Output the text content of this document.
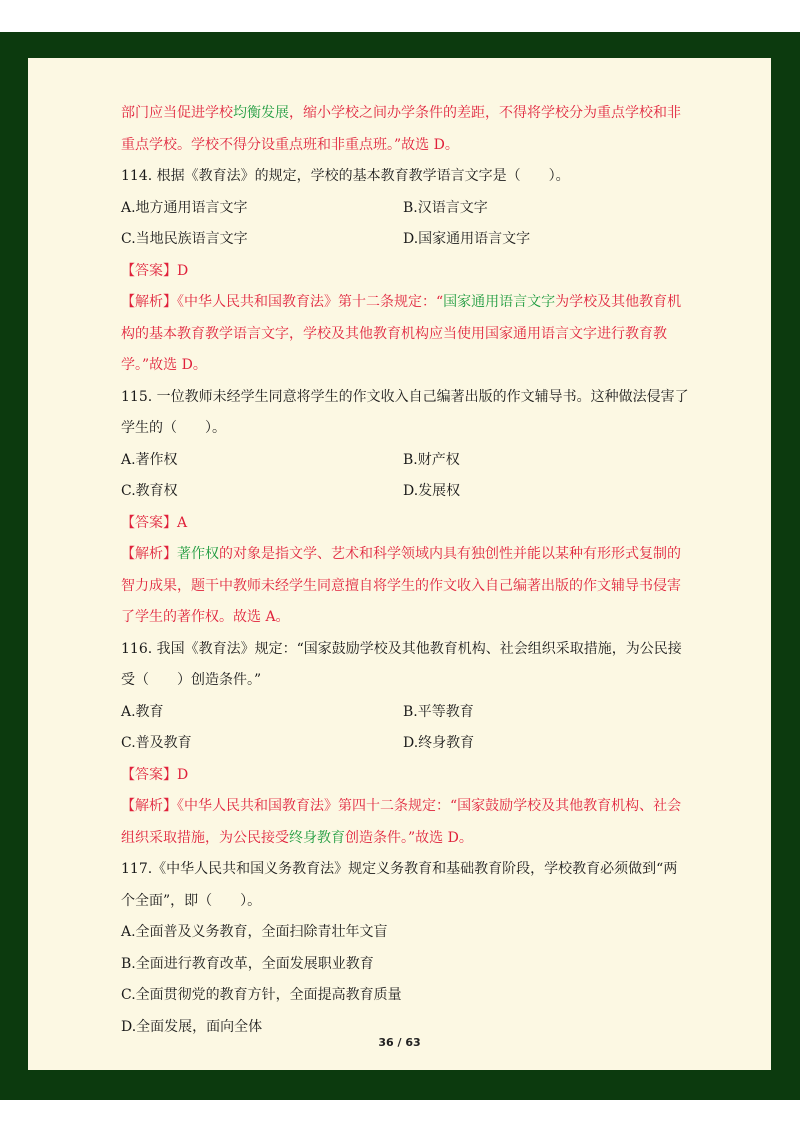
部门应当促进学校均衡发展，缩小学校之间办学条件的差距，不得将学校分为重点学校和非
重点学校。学校不得分设重点班和非重点班。”故选 D。
114. 根据《教育法》的规定，学校的基本教育教学语言文字是（　　）。
A.地方通用语言文字	B.汉语言文字
C.当地民族语言文字	D.国家通用语言文字
【答案】D
【解析】《中华人民共和国教育法》第十二条规定：“国家通用语言文字为学校及其他教育机
构的基本教育教学语言文字，学校及其他教育机构应当使用国家通用语言文字进行教育教
学。”故选 D。
115. 一位教师未经学生同意将学生的作文收入自己编著出版的作文辅导书。这种做法侵害了
学生的（　　）。
A.著作权	B.财产权
C.教育权	D.发展权
【答案】A
【解析】著作权的对象是指文学、艺术和科学领域内具有独创性并能以某种有形形式复制的
智力成果，题干中教师未经学生同意擅自将学生的作文收入自己编著出版的作文辅导书侵害
了学生的著作权。故选 A。
116. 我国《教育法》规定：“国家鼓励学校及其他教育机构、社会组织采取措施，为公民接
受（　　）创造条件。”
A.教育	B.平等教育
C.普及教育	D.终身教育
【答案】D
【解析】《中华人民共和国教育法》第四十二条规定：“国家鼓励学校及其他教育机构、社会
组织采取措施，为公民接受终身教育创造条件。”故选 D。
117.《中华人民共和国义务教育法》规定义务教育和基础教育阶段，学校教育必须做到“两
个全面”，即（　　）。
A.全面普及义务教育，全面扫除青壮年文盲
B.全面进行教育改革，全面发展职业教育
C.全面贯彻党的教育方针，全面提高教育质量
D.全面发展，面向全体
36 / 63
